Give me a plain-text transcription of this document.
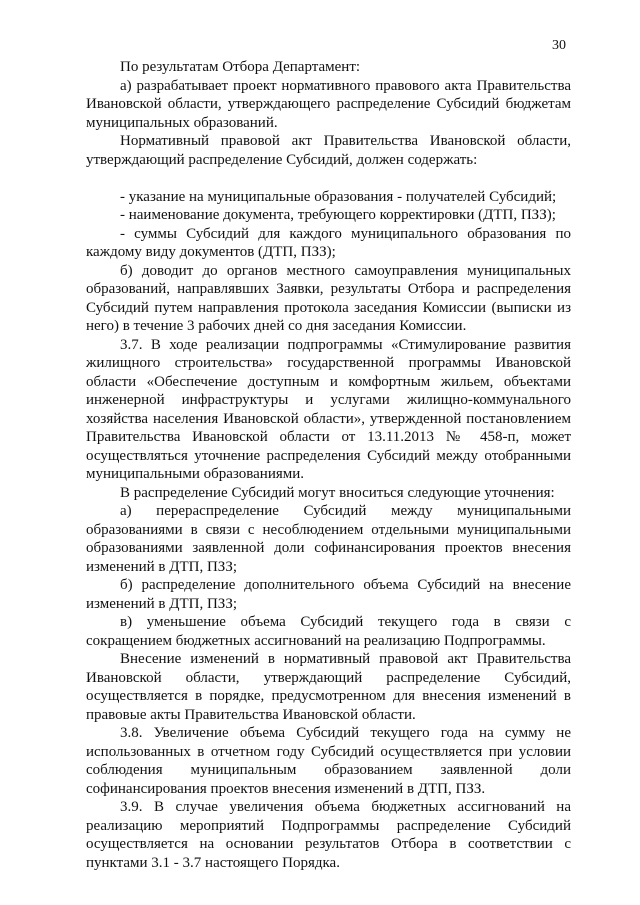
30

По результатам Отбора Департамент:

а) разрабатывает проект нормативного правового акта Правительства Ивановской области, утверждающего распределение Субсидий бюджетам муниципальных образований.

Нормативный правовой акт Правительства Ивановской области, утверждающий распределение Субсидий, должен содержать:

- указание на муниципальные образования - получателей Субсидий;

- наименование документа, требующего корректировки (ДТП, ПЗЗ);

- суммы Субсидий для каждого муниципального образования по каждому виду документов (ДТП, ПЗЗ);

б) доводит до органов местного самоуправления муниципальных образований, направлявших Заявки, результаты Отбора и распределения Субсидий путем направления протокола заседания Комиссии (выписки из него) в течение 3 рабочих дней со дня заседания Комиссии.

3.7. В ходе реализации подпрограммы «Стимулирование развития жилищного строительства» государственной программы Ивановской области «Обеспечение доступным и комфортным жильем, объектами инженерной инфраструктуры и услугами жилищно-коммунального хозяйства населения Ивановской области», утвержденной постановлением Правительства Ивановской области от 13.11.2013 № 458-п, может осуществляться уточнение распределения Субсидий между отобранными муниципальными образованиями.

В распределение Субсидий могут вноситься следующие уточнения:

а) перераспределение Субсидий между муниципальными образованиями в связи с несоблюдением отдельными муниципальными образованиями заявленной доли софинансирования проектов внесения изменений в ДТП, ПЗЗ;

б) распределение дополнительного объема Субсидий на внесение изменений в ДТП, ПЗЗ;

в) уменьшение объема Субсидий текущего года в связи с сокращением бюджетных ассигнований на реализацию Подпрограммы.

Внесение изменений в нормативный правовой акт Правительства Ивановской области, утверждающий распределение Субсидий, осуществляется в порядке, предусмотренном для внесения изменений в правовые акты Правительства Ивановской области.

3.8. Увеличение объема Субсидий текущего года на сумму не использованных в отчетном году Субсидий осуществляется при условии соблюдения муниципальным образованием заявленной доли софинансирования проектов внесения изменений в ДТП, ПЗЗ.

3.9. В случае увеличения объема бюджетных ассигнований на реализацию мероприятий Подпрограммы распределение Субсидий осуществляется на основании результатов Отбора в соответствии с пунктами 3.1 - 3.7 настоящего Порядка.
